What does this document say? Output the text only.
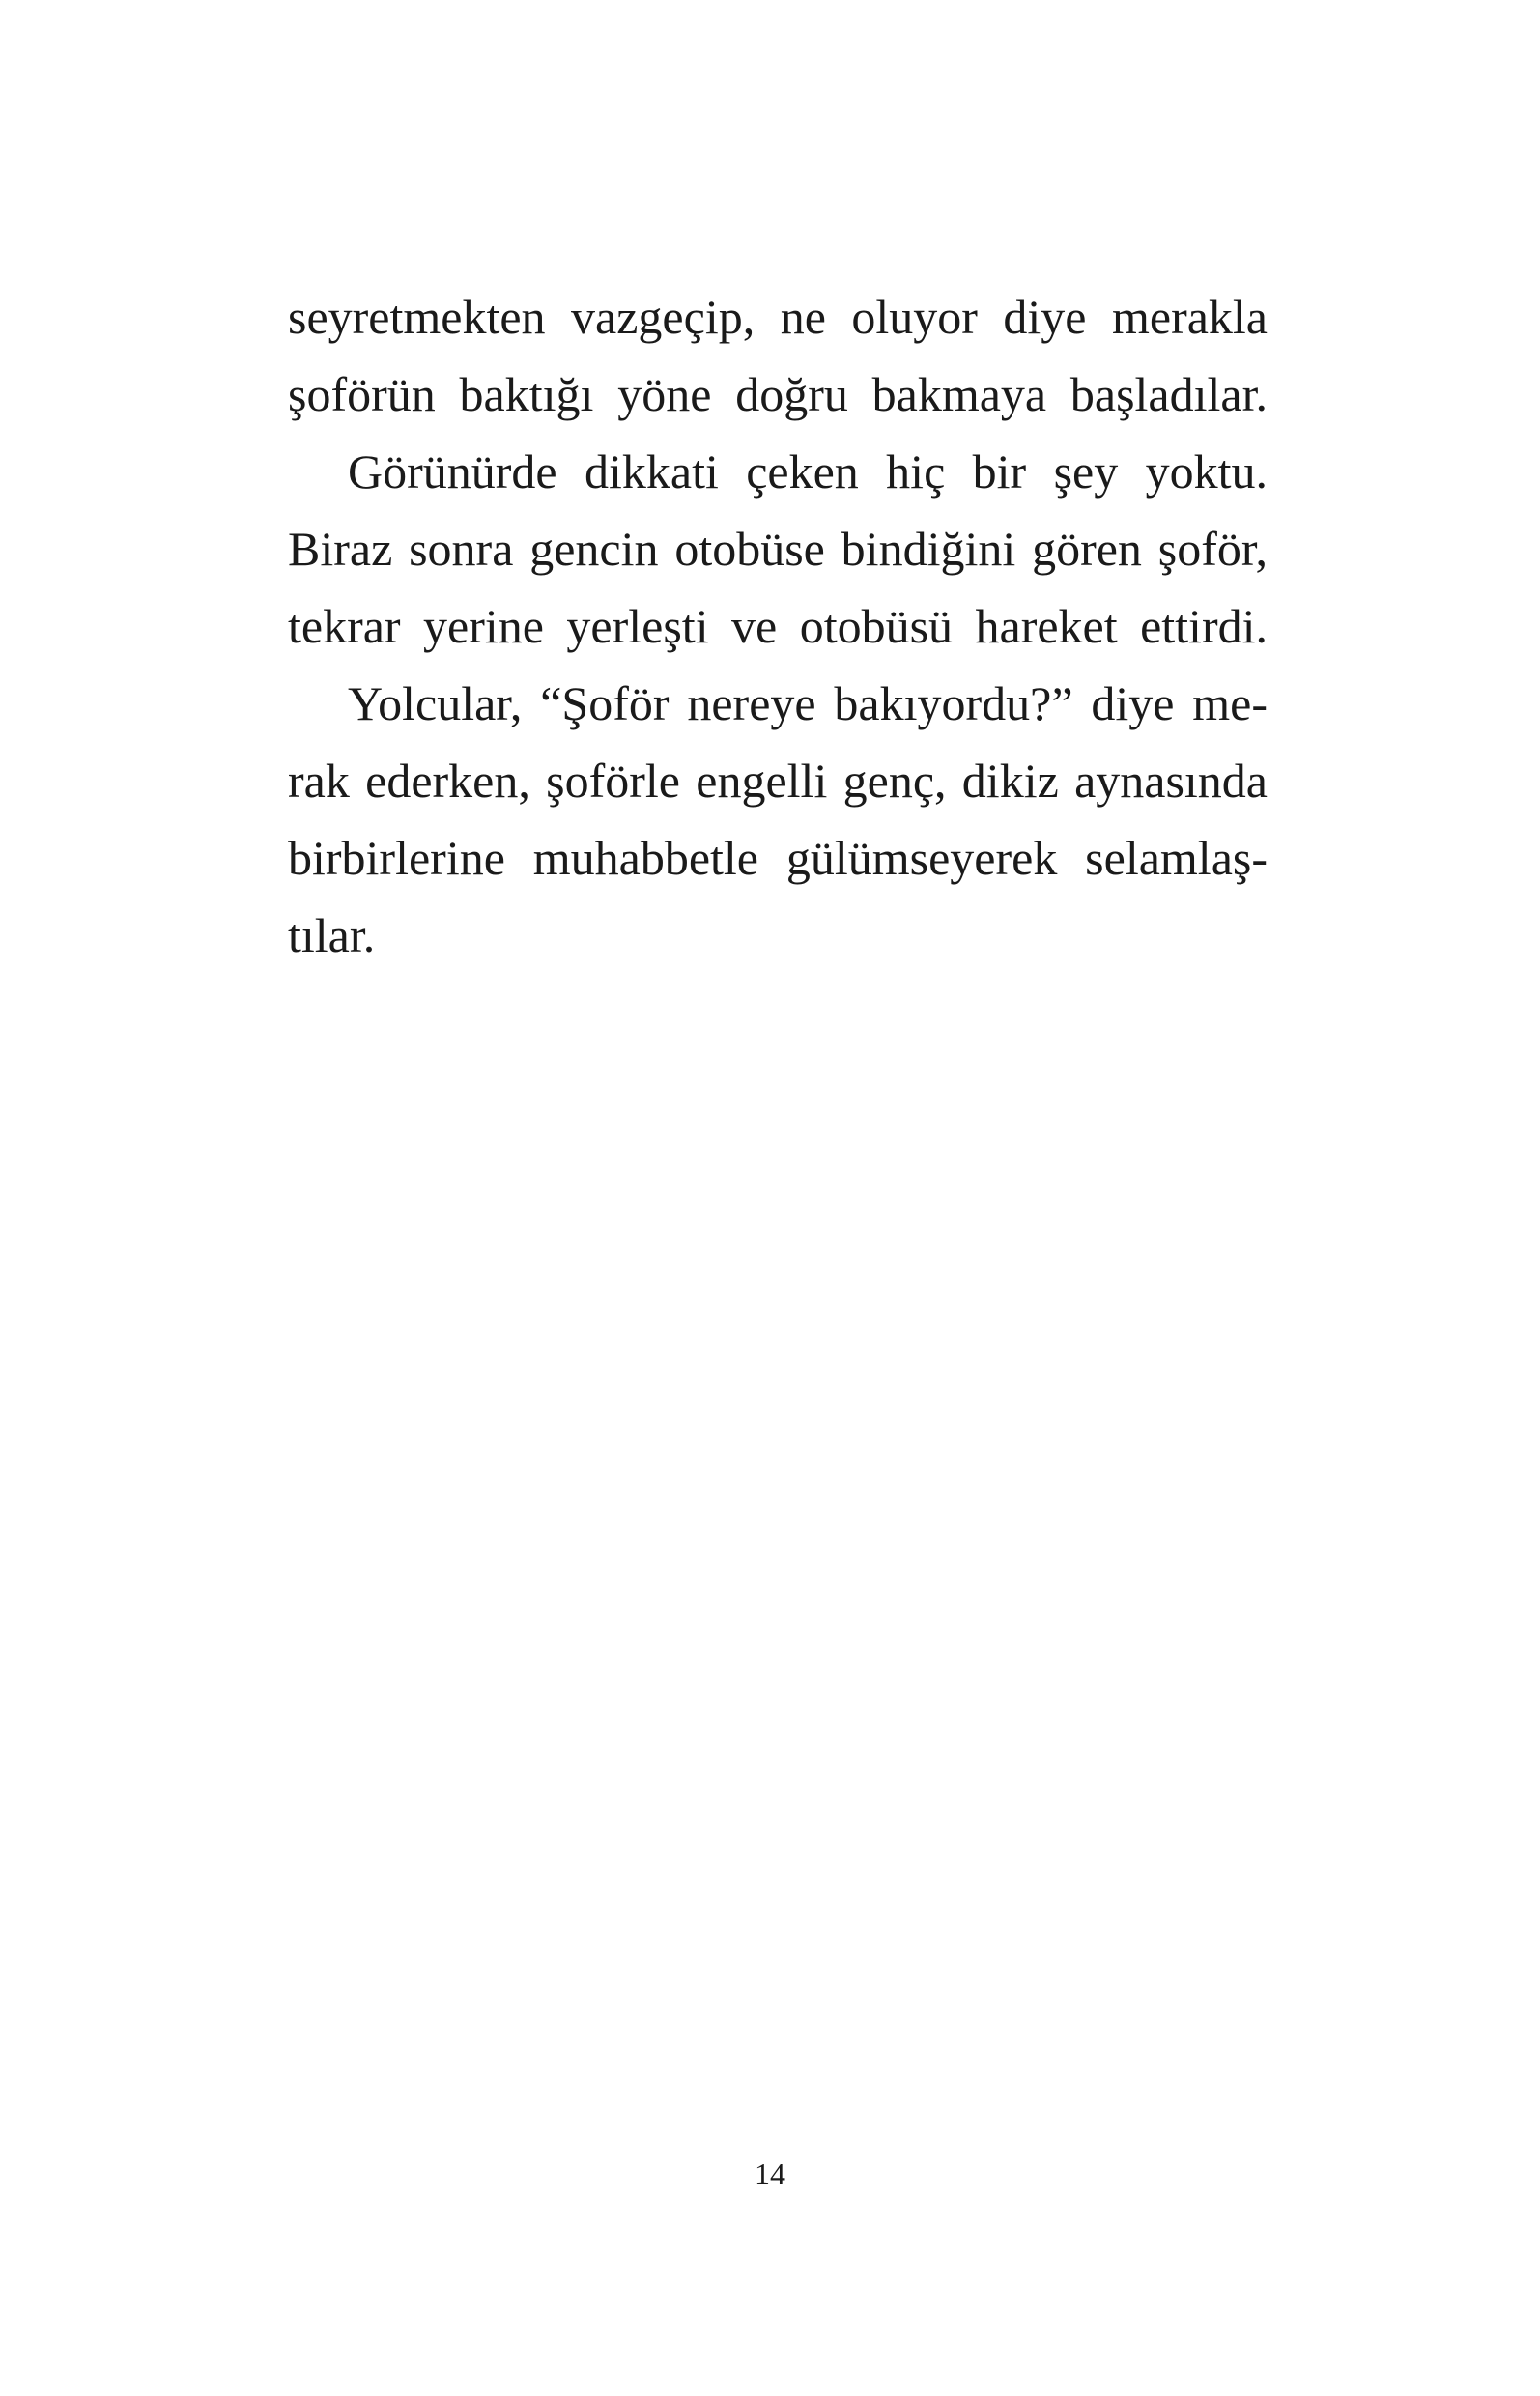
seyretmekten vazgeçip, ne oluyor diye merakla
şoförün baktığı yöne doğru bakmaya başladılar.
Görünürde dikkati çeken hiç bir şey yoktu.
Biraz sonra gencin otobüse bindiğini gören şoför,
tekrar yerine yerleşti ve otobüsü hareket ettirdi.
Yolcular, “Şoför nereye bakıyordu?” diye me-
rak ederken, şoförle engelli genç, dikiz aynasında
birbirlerine muhabbetle gülümseyerek selamlaş-
tılar.
14
